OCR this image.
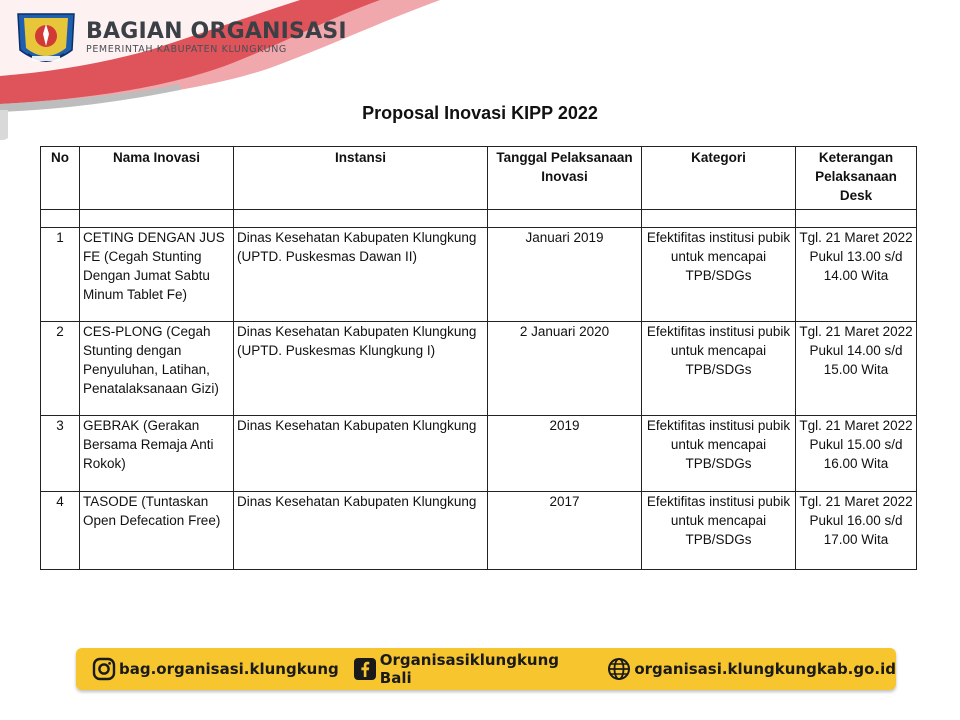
BAGIAN ORGANISASI
PEMERINTAH KABUPATEN KLUNGKUNG
Proposal Inovasi KIPP 2022
No	Nama Inovasi	Instansi	Tanggal Pelaksanaan Inovasi	Kategori	Keterangan Pelaksanaan Desk

1	CETING DENGAN JUS FE (Cegah Stunting Dengan Jumat Sabtu Minum Tablet Fe)	Dinas Kesehatan Kabupaten Klungkung (UPTD. Puskesmas Dawan II)	Januari 2019	Efektifitas institusi pubik untuk mencapai TPB/SDGs	Tgl. 21 Maret 2022 Pukul 13.00 s/d 14.00 Wita
2	CES-PLONG (Cegah Stunting dengan Penyuluhan, Latihan, Penatalaksanaan Gizi)	Dinas Kesehatan Kabupaten Klungkung (UPTD. Puskesmas Klungkung I)	2 Januari 2020	Efektifitas institusi pubik untuk mencapai TPB/SDGs	Tgl. 21 Maret 2022 Pukul 14.00 s/d 15.00 Wita
3	GEBRAK (Gerakan Bersama Remaja Anti Rokok)	Dinas Kesehatan Kabupaten Klungkung	2019	Efektifitas institusi pubik untuk mencapai TPB/SDGs	Tgl. 21 Maret 2022 Pukul 15.00 s/d 16.00 Wita
4	TASODE (Tuntaskan Open Defecation Free)	Dinas Kesehatan Kabupaten Klungkung	2017	Efektifitas institusi pubik untuk mencapai TPB/SDGs	Tgl. 21 Maret 2022 Pukul 16.00 s/d 17.00 Wita
bag.organisasi.klungkung	Organisasiklungkung Bali	organisasi.klungkungkab.go.id
